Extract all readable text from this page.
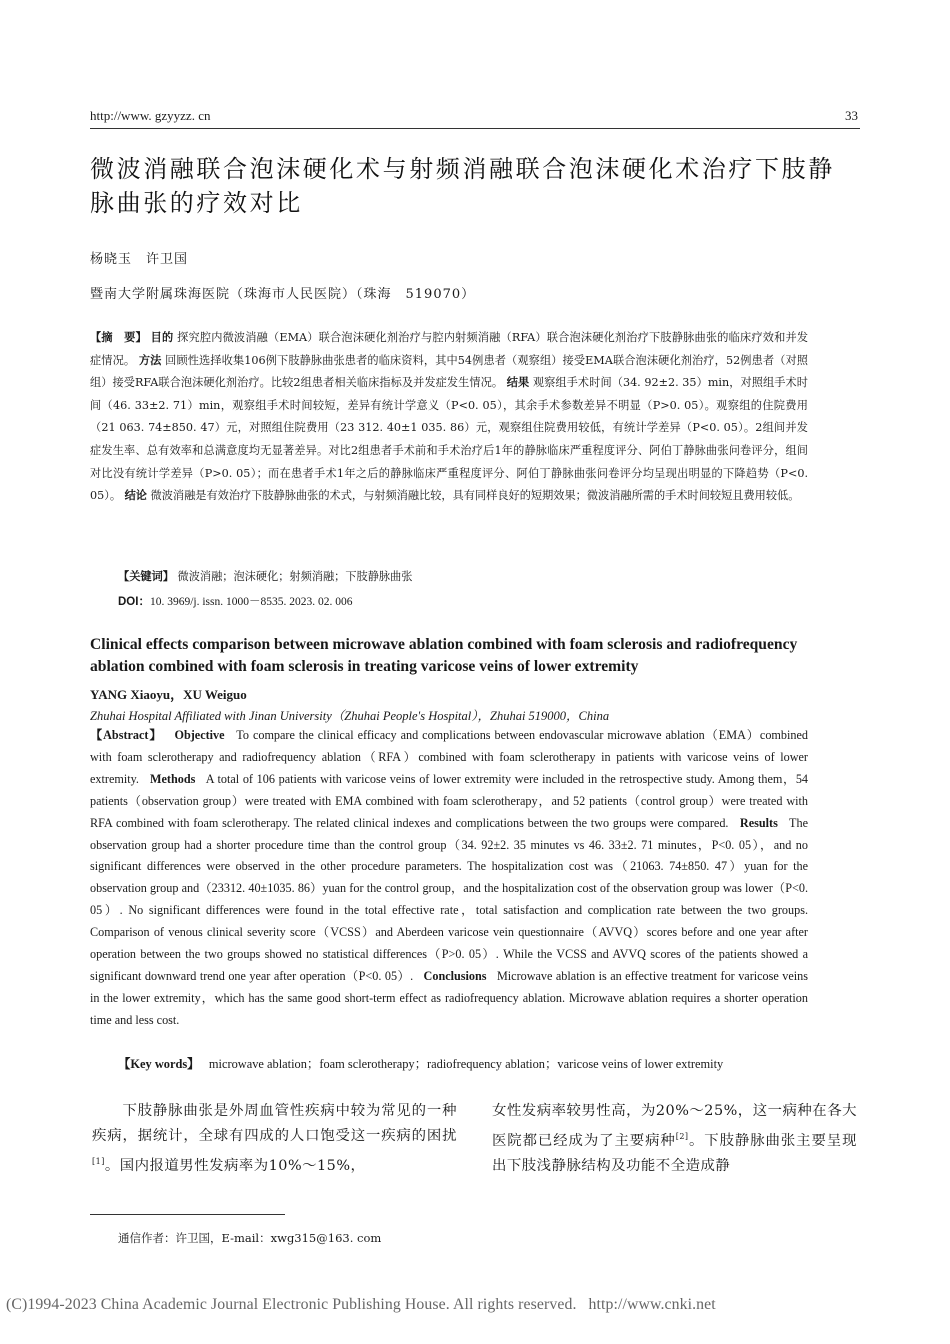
http://www. gzyyzz. cn	33
微波消融联合泡沫硬化术与射频消融联合泡沫硬化术治疗下肢静脉曲张的疗效对比
杨晓玉　许卫国
暨南大学附属珠海医院（珠海市人民医院）（珠海　519070）
【摘　要】 目的 探究腔内微波消融（EMA）联合泡沫硬化剂治疗与腔内射频消融（RFA）联合泡沫硬化剂治疗下肢静脉曲张的临床疗效和并发症情况。 方法 回顾性选择收集106例下肢静脉曲张患者的临床资料，其中54例患者（观察组）接受EMA联合泡沫硬化剂治疗，52例患者（对照组）接受RFA联合泡沫硬化剂治疗。比较2组患者相关临床指标及并发症发生情况。 结果 观察组手术时间（34. 92±2. 35）min，对照组手术时间（46. 33±2. 71）min，观察组手术时间较短，差异有统计学意义（P<0. 05），其余手术参数差异不明显（P>0. 05）。观察组的住院费用（21 063. 74±850. 47）元，对照组住院费用（23 312. 40±1 035. 86）元，观察组住院费用较低，有统计学差异（P<0. 05）。2组间并发症发生率、总有效率和总满意度均无显著差异。对比2组患者手术前和手术治疗后1年的静脉临床严重程度评分、阿伯丁静脉曲张问卷评分，组间对比没有统计学差异（P>0. 05）；而在患者手术1年之后的静脉临床严重程度评分、阿伯丁静脉曲张问卷评分均呈现出明显的下降趋势（P<0. 05）。 结论 微波消融是有效治疗下肢静脉曲张的术式，与射频消融比较，具有同样良好的短期效果；微波消融所需的手术时间较短且费用较低。
【关键词】 微波消融；泡沫硬化；射频消融；下肢静脉曲张
DOI：10. 3969/j. issn. 1000－8535. 2023. 02. 006
Clinical effects comparison between microwave ablation combined with foam sclerosis and radiofrequency ablation combined with foam sclerosis in treating varicose veins of lower extremity
YANG Xiaoyu，XU Weiguo
Zhuhai Hospital Affiliated with Jinan University（Zhuhai People's Hospital），Zhuhai 519000，China
【Abstract】 Objective To compare the clinical efficacy and complications between endovascular microwave ablation（EMA）combined with foam sclerotherapy and radiofrequency ablation（RFA）combined with foam sclerotherapy in patients with varicose veins of lower extremity. Methods A total of 106 patients with varicose veins of lower extremity were included in the retrospective study. Among them，54 patients（observation group）were treated with EMA combined with foam sclerotherapy，and 52 patients（control group）were treated with RFA combined with foam sclerotherapy. The related clinical indexes and complications between the two groups were compared. Results The observation group had a shorter procedure time than the control group（34. 92±2. 35 minutes vs 46. 33±2. 71 minutes，P<0. 05），and no significant differences were observed in the other procedure parameters. The hospitalization cost was（21063. 74±850. 47）yuan for the observation group and（23312. 40±1035. 86）yuan for the control group，and the hospitalization cost of the observation group was lower（P<0. 05）. No significant differences were found in the total effective rate，total satisfaction and complication rate between the two groups. Comparison of venous clinical severity score（VCSS）and Aberdeen varicose vein questionnaire（AVVQ）scores before and one year after operation between the two groups showed no statistical differences（P>0. 05）. While the VCSS and AVVQ scores of the patients showed a significant downward trend one year after operation（P<0. 05）. Conclusions Microwave ablation is an effective treatment for varicose veins in the lower extremity，which has the same good short-term effect as radiofrequency ablation. Microwave ablation requires a shorter operation time and less cost.
【Key words】 microwave ablation；foam sclerotherapy；radiofrequency ablation；varicose veins of lower extremity
　　下肢静脉曲张是外周血管性疾病中较为常见的一种疾病，据统计，全球有四成的人口饱受这一疾病的困扰[1]。国内报道男性发病率为10%～15%，
女性发病率较男性高，为20%～25%，这一病种在各大医院都已经成为了主要病种[2]。下肢静脉曲张主要呈现出下肢浅静脉结构及功能不全造成静
通信作者：许卫国，E-mail：xwg315@163. com
(C)1994-2023 China Academic Journal Electronic Publishing House. All rights reserved. http://www.cnki.net
